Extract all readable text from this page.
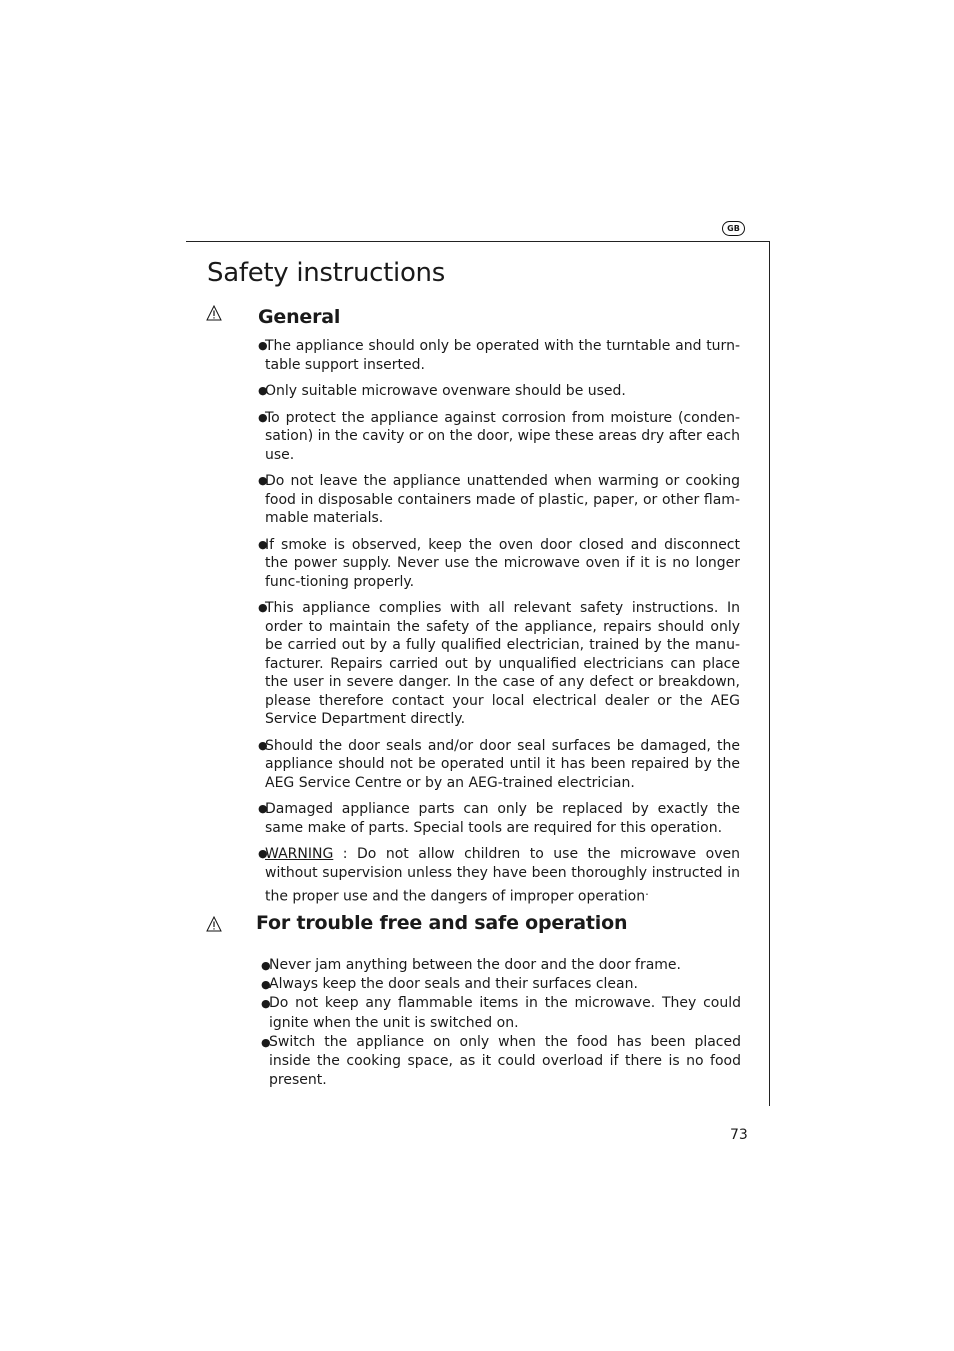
GB
Safety instructions
General
●
The appliance should only be operated with the turntable and turn-table support inserted.
●
Only suitable microwave ovenware should be used.
●
To protect the appliance against corrosion from moisture (conden-sation) in the cavity or on the door, wipe these areas dry after each use.
●
Do not leave the appliance unattended when warming or cooking food in disposable containers made of plastic, paper, or other flam-mable materials.
●
If smoke is observed, keep the oven door closed and disconnect the power supply. Never use the microwave oven if it is no longer func-tioning properly.
●
This appliance complies with all relevant safety instructions. In order to maintain the safety of the appliance, repairs should only be carried out by a fully qualified electrician, trained by the manu-facturer. Repairs carried out by unqualified electricians can place the user in severe danger. In the case of any defect or breakdown, please therefore contact your local electrical dealer or the AEG Service Department directly.
●
Should the door seals and/or door seal surfaces be damaged, the appliance should not be operated until it has been repaired by the AEG Service Centre or by an AEG-trained electrician.
●
Damaged appliance parts can only be replaced by exactly the same make of parts. Special tools are required for this operation.
●
WARNING : Do not allow children to use the microwave oven without supervision unless they have been thoroughly instructed in the proper use and the dangers of improper operation.
For trouble free and safe operation
●
Never jam anything between the door and the door frame.
●
Always keep the door seals and their surfaces clean.
●
Do not keep any flammable items in the microwave. They could ignite when the unit is switched on.
●
Switch the appliance on only when the food has been placed inside the cooking space, as it could overload if there is no food present.
73
